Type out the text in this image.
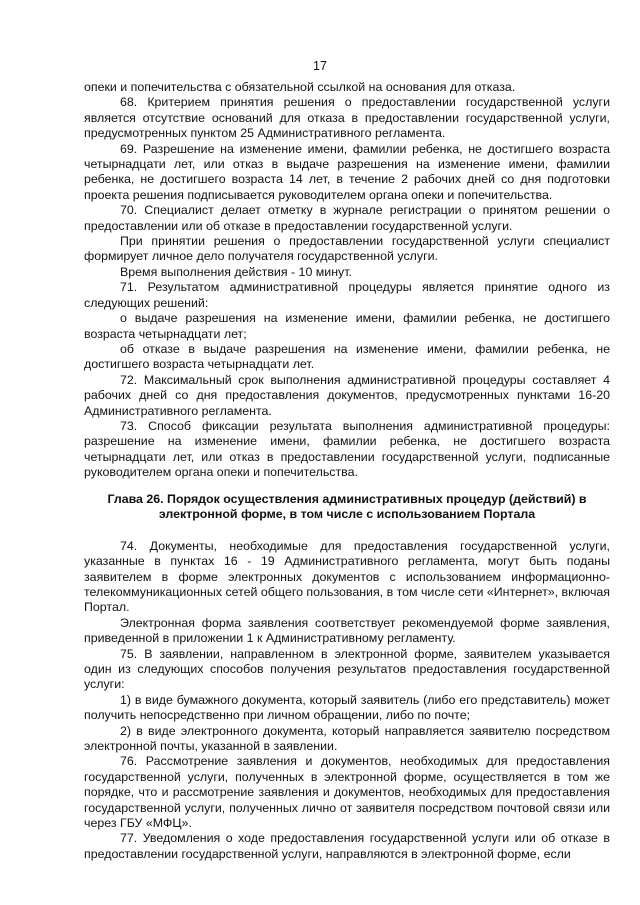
17

опеки и попечительства с обязательной ссылкой на основания для отказа.

68. Критерием принятия решения о предоставлении государственной услуги является отсутствие оснований для отказа в предоставлении государственной услуги, предусмотренных пунктом 25 Административного регламента.

69. Разрешение на изменение имени, фамилии ребенка, не достигшего возраста четырнадцати лет, или отказ в выдаче разрешения на изменение имени, фамилии ребенка, не достигшего возраста 14 лет, в течение 2 рабочих дней со дня подготовки проекта решения подписывается руководителем органа опеки и попечительства.

70. Специалист делает отметку в журнале регистрации о принятом решении о предоставлении или об отказе в предоставлении государственной услуги.

При принятии решения о предоставлении государственной услуги специалист формирует личное дело получателя государственной услуги.

Время выполнения действия - 10 минут.

71. Результатом административной процедуры является принятие одного из следующих решений:

о выдаче разрешения на изменение имени, фамилии ребенка, не достигшего возраста четырнадцати лет;

об отказе в выдаче разрешения на изменение имени, фамилии ребенка, не достигшего возраста четырнадцати лет.

72. Максимальный срок выполнения административной процедуры составляет 4 рабочих дней со дня предоставления документов, предусмотренных пунктами 16-20 Административного регламента.

73. Способ фиксации результата выполнения административной процедуры: разрешение на изменение имени, фамилии ребенка, не достигшего возраста четырнадцати лет, или отказ в предоставлении государственной услуги, подписанные руководителем органа опеки и попечительства.

Глава 26. Порядок осуществления административных процедур (действий) в
электронной форме, в том числе с использованием Портала

74. Документы, необходимые для предоставления государственной услуги, указанные в пунктах 16 - 19 Административного регламента, могут быть поданы заявителем в форме электронных документов с использованием информационно-телекоммуникационных сетей общего пользования, в том числе сети «Интернет», включая Портал.

Электронная форма заявления соответствует рекомендуемой форме заявления, приведенной в приложении 1 к Административному регламенту.

75. В заявлении, направленном в электронной форме, заявителем указывается один из следующих способов получения результатов предоставления государственной услуги:

1) в виде бумажного документа, который заявитель (либо его представитель) может получить непосредственно при личном обращении, либо по почте;

2) в виде электронного документа, который направляется заявителю посредством электронной почты, указанной в заявлении.

76. Рассмотрение заявления и документов, необходимых для предоставления государственной услуги, полученных в электронной форме, осуществляется в том же порядке, что и рассмотрение заявления и документов, необходимых для предоставления государственной услуги, полученных лично от заявителя посредством почтовой связи или через ГБУ «МФЦ».

77. Уведомления о ходе предоставления государственной услуги или об отказе в предоставлении государственной услуги, направляются в электронной форме, если
